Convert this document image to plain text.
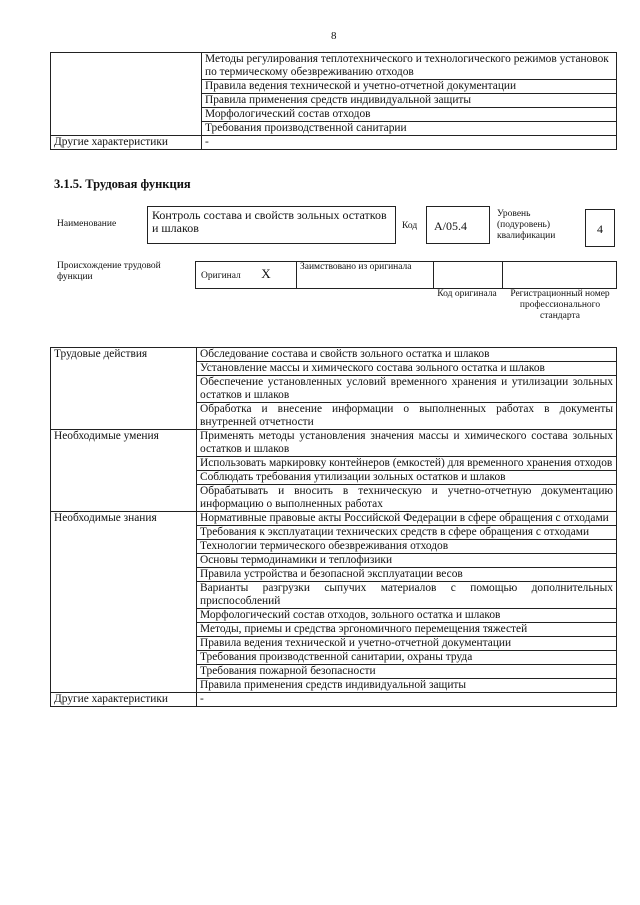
8
	Методы регулирования теплотехнического и технологического режимов установок по термическому обезвреживанию отходов
	Правила ведения технической и учетно-отчетной документации
	Правила применения средств индивидуальной защиты
	Морфологический состав отходов
	Требования производственной санитарии
Другие характеристики	-
3.1.5. Трудовая функция
Наименование
Контроль состава и свойств зольных остатков и шлаков	Код	А/05.4
Уровень (подуровень) квалификации	4
Происхождение трудовой функции	Оригинал X	Заимствовано из оригинала		
Код оригинала	Регистрационный номер профессионального стандарта
Трудовые действия	Обследование состава и свойств зольного остатка и шлаков
	Установление массы и химического состава зольного остатка и шлаков
	Обеспечение установленных условий временного хранения и утилизации зольных остатков и шлаков
	Обработка и внесение информации о выполненных работах в документы внутренней отчетности
Необходимые умения	Применять методы установления значения массы и химического состава зольных остатков и шлаков
	Использовать маркировку контейнеров (емкостей) для временного хранения отходов
	Соблюдать требования утилизации зольных остатков и шлаков
	Обрабатывать и вносить в техническую и учетно-отчетную документацию информацию о выполненных работах
Необходимые знания	Нормативные правовые акты Российской Федерации в сфере обращения с отходами
	Требования к эксплуатации технических средств в сфере обращения с отходами
	Технологии термического обезвреживания отходов
	Основы термодинамики и теплофизики
	Правила устройства и безопасной эксплуатации весов
	Варианты разгрузки сыпучих материалов с помощью дополнительных приспособлений
	Морфологический состав отходов, зольного остатка и шлаков
	Методы, приемы и средства эргономичного перемещения тяжестей
	Правила ведения технической и учетно-отчетной документации
	Требования производственной санитарии, охраны труда
	Требования пожарной безопасности
	Правила применения средств индивидуальной защиты
Другие характеристики	-
